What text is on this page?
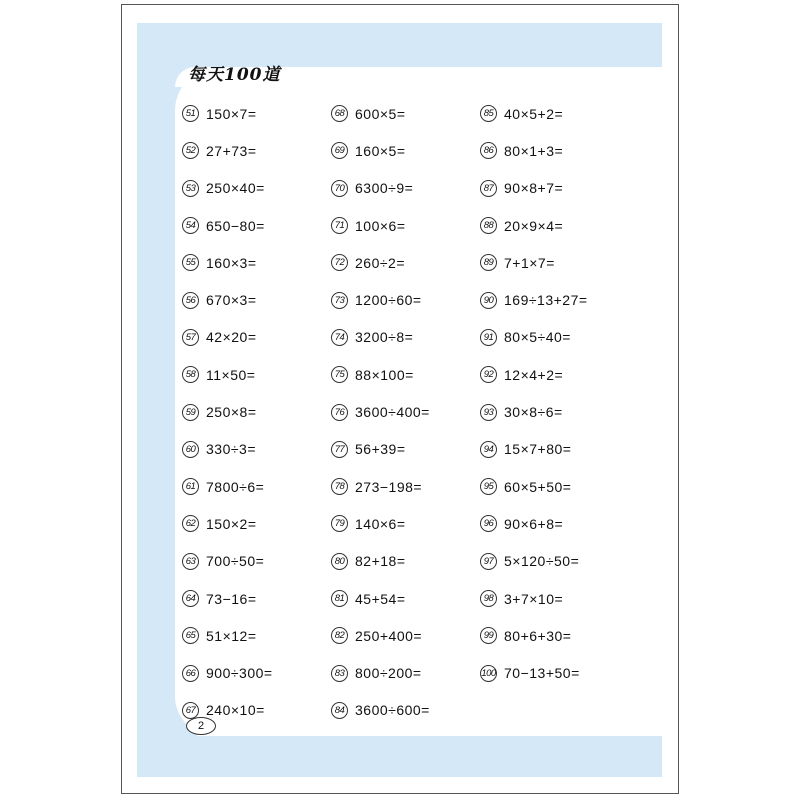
每天100道
51 150×7=
52 27+73=
53 250×40=
54 650−80=
55 160×3=
56 670×3=
57 42×20=
58 11×50=
59 250×8=
60 330÷3=
61 7800÷6=
62 150×2=
63 700÷50=
64 73−16=
65 51×12=
66 900÷300=
67 240×10=
68 600×5=
69 160×5=
70 6300÷9=
71 100×6=
72 260÷2=
73 1200÷60=
74 3200÷8=
75 88×100=
76 3600÷400=
77 56+39=
78 273−198=
79 140×6=
80 82+18=
81 45+54=
82 250+400=
83 800÷200=
84 3600÷600=
85 40×5+2=
86 80×1+3=
87 90×8+7=
88 20×9×4=
89 7+1×7=
90 169÷13+27=
91 80×5÷40=
92 12×4+2=
93 30×8÷6=
94 15×7+80=
95 60×5+50=
96 90×6+8=
97 5×120÷50=
98 3+7×10=
99 80+6+30=
100 70−13+50=
2
